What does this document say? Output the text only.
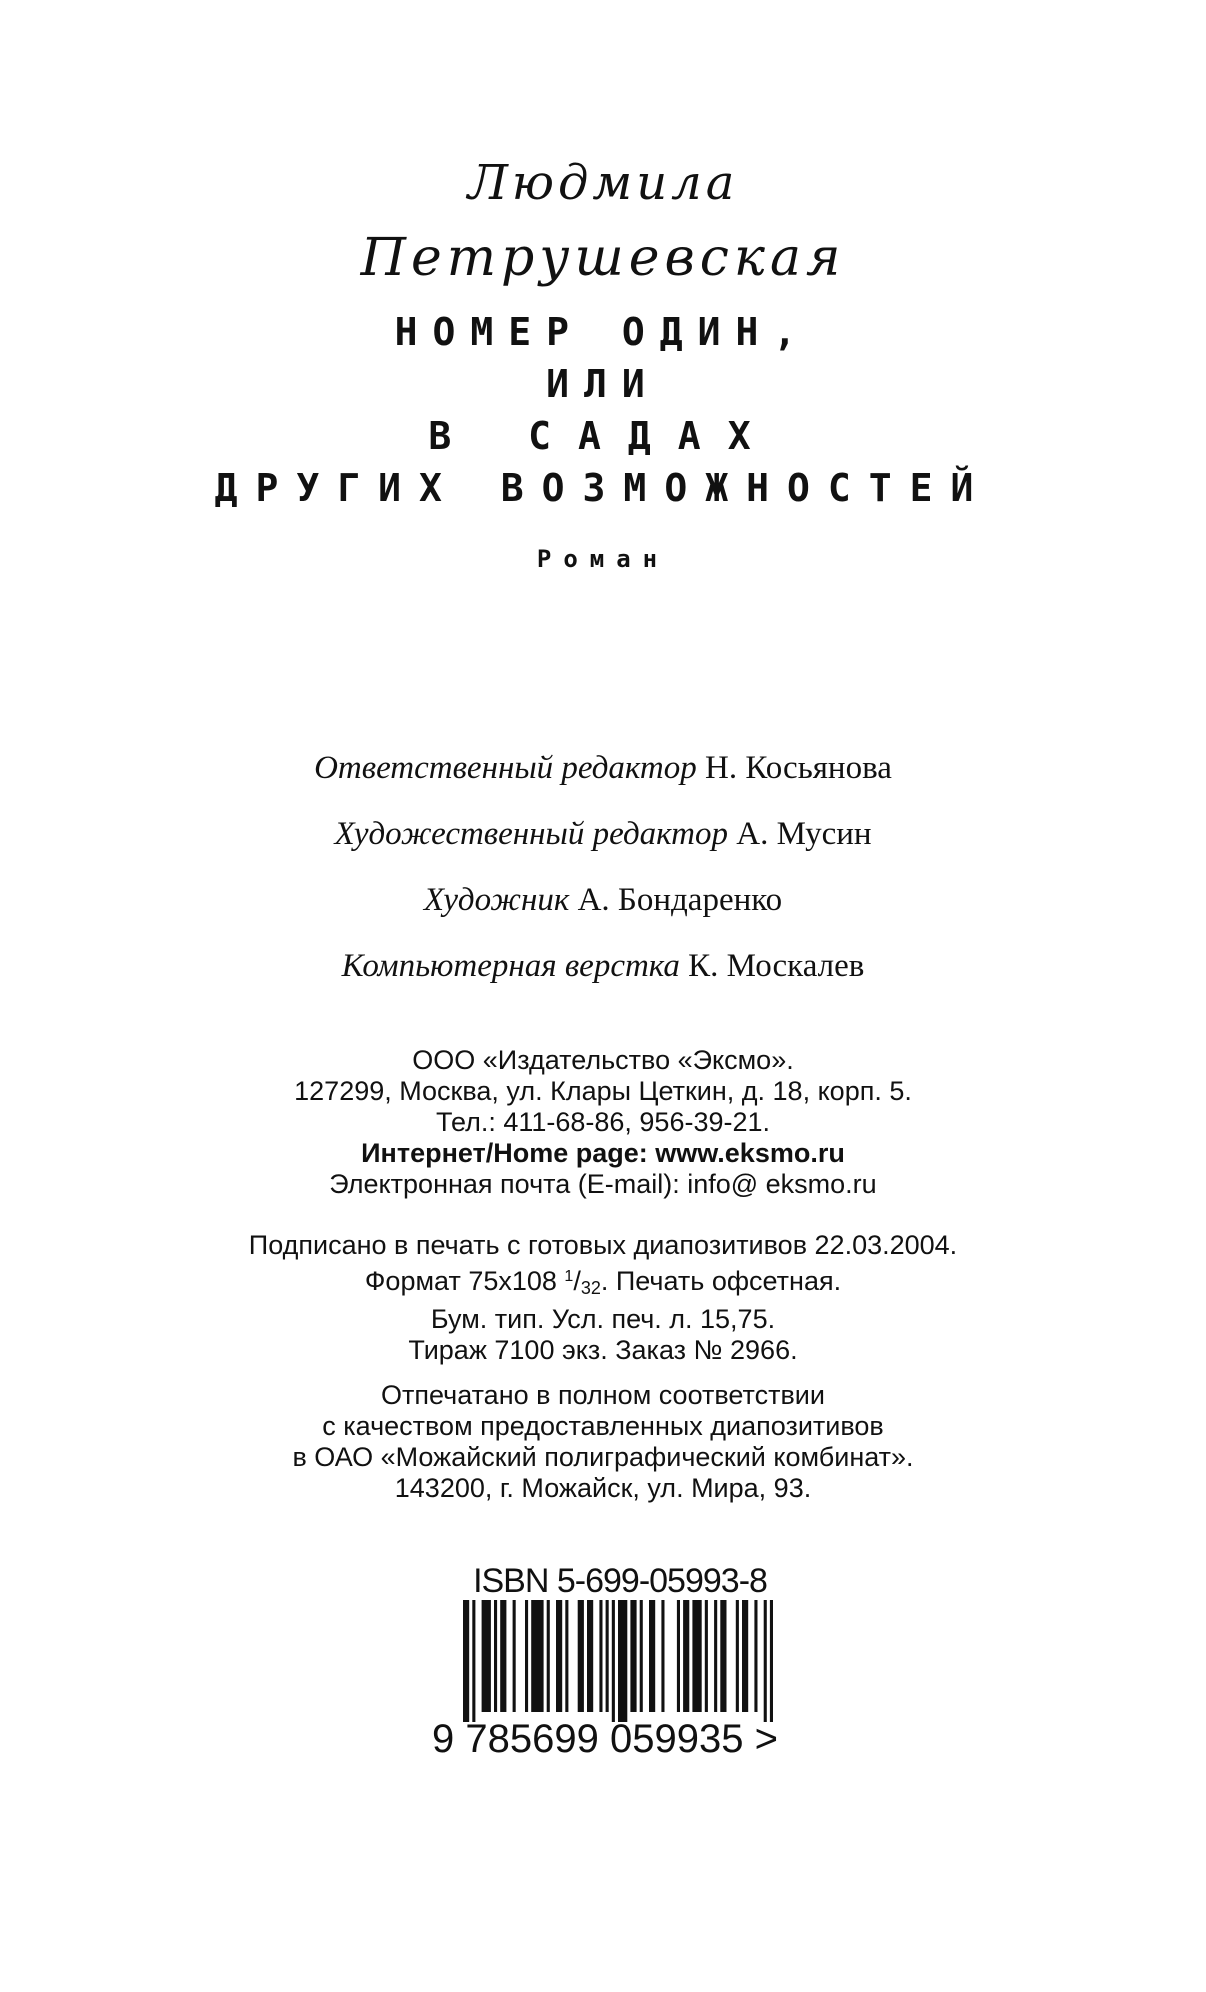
Людмила
Петрушевская
НОМЕР ОДИН,
ИЛИ
В САДАХ
ДРУГИХ ВОЗМОЖНОСТЕЙ
Роман
Ответственный редактор Н. Косьянова
Художественный редактор А. Мусин
Художник А. Бондаренко
Компьютерная верстка К. Москалев
ООО «Издательство «Эксмо».
127299, Москва, ул. Клары Цеткин, д. 18, корп. 5.
Тел.: 411-68-86, 956-39-21.
Интернет/Home page: www.eksmo.ru
Электронная почта (E-mail): info@ eksmo.ru
Подписано в печать с готовых диапозитивов 22.03.2004.
Формат 75x108 $^1/_{32}$. Печать офсетная.
Бум. тип. Усл. печ. л. 15,75.
Тираж 7100 экз. Заказ № 2966.
Отпечатано в полном соответствии
с качеством предоставленных диапозитивов
в ОАО «Можайский полиграфический комбинат».
143200, г. Можайск, ул. Мира, 93.
ISBN 5-699-05993-8
9 785699 059935 >
